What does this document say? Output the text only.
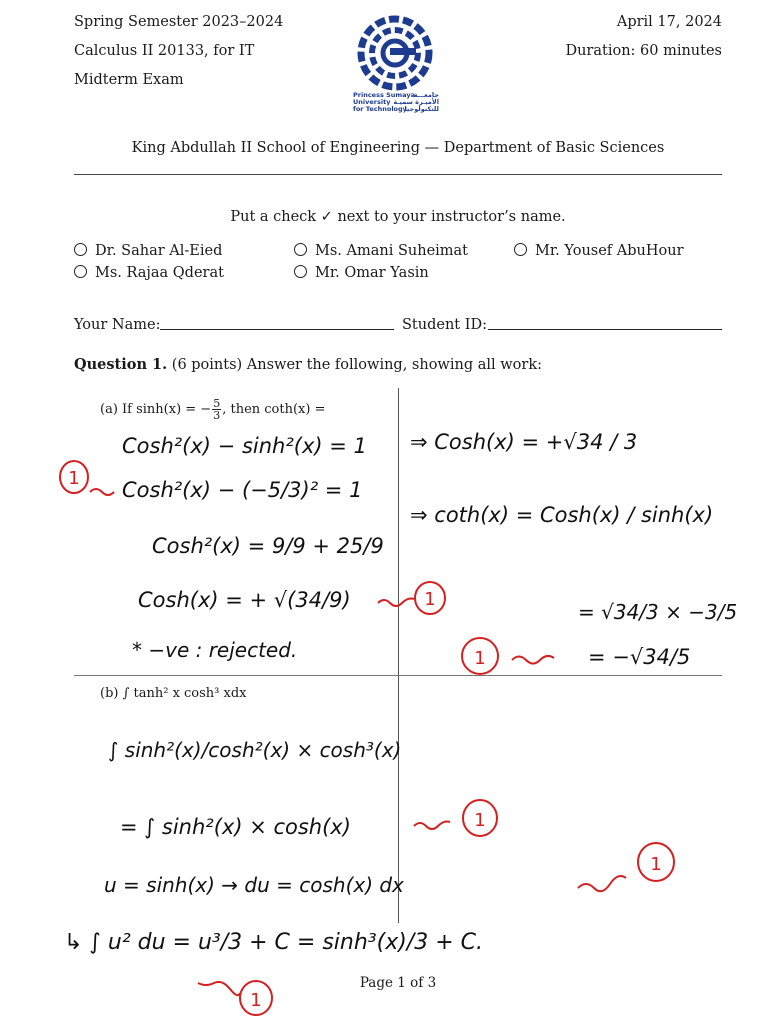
Spring Semester 2023–2024
Calculus II 20133, for IT
Midterm Exam
April 17, 2024
Duration: 60 minutes
Princess Sumaya
University
for Technology
جامعـــة
الأميـرة سميـة
للتكنولوجيا
King Abdullah II School of Engineering — Department of Basic Sciences
Put a check ✓ next to your instructor’s name.
Dr. Sahar Al-Eied	Ms. Amani Suheimat	Mr. Yousef AbuHour
Ms. Rajaa Qderat	Mr. Omar Yasin
Your Name:	Student ID:
Question 1. (6 points) Answer the following, showing all work:
(a) If sinh(x) = − $\frac{5}{3}$ , then coth(x) =
Cosh²(x) − sinh²(x) = 1
Cosh²(x) − (−5/3)² = 1
Cosh²(x) = 9/9 + 25/9
Cosh(x) = + √(34/9)
* −ve : rejected.
⇒ Cosh(x) = +√34 / 3
⇒ coth(x) = Cosh(x) / sinh(x)
= √34/3 × −3/5
= −√34/5
(b) ∫ tanh² x cosh³ xdx
∫ sinh²(x)/cosh²(x) × cosh³(x)
= ∫ sinh²(x) × cosh(x)
u = sinh(x) → du = cosh(x) dx
↳ ∫ u² du = u³/3 + C = sinh³(x)/3 + C.
1
1
1
1
1
1
Page 1 of 3
